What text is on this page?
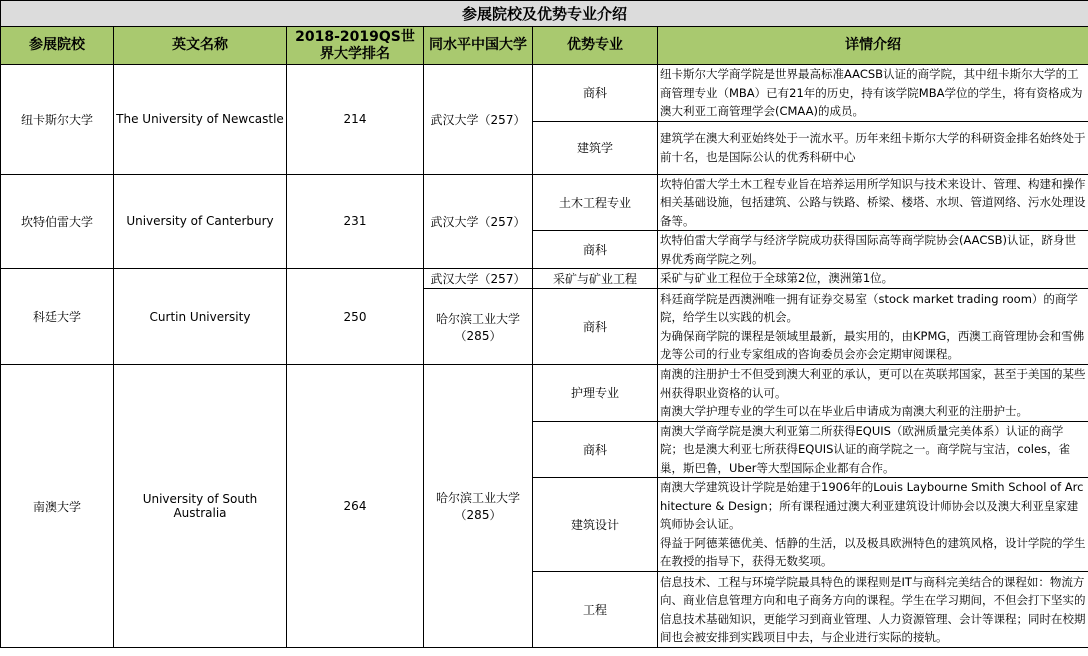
参展院校及优势专业介绍					
参展院校	英文名称	2018-2019QS世界大学排名	同水平中国大学	优势专业	详情介绍
纽卡斯尔大学	The University of Newcastle	214	武汉大学（257）	商科	纽卡斯尔大学商学院是世界最高标准AACSB认证的商学院，其中纽卡斯尔大学的工商管理专业（MBA）已有21年的历史，持有该学院MBA学位的学生，将有资格成为澳大利亚工商管理学会(CMAA)的成员。

				建筑学	建筑学在澳大利亚始终处于一流水平。历年来纽卡斯尔大学的科研资金排名始终处于前十名，也是国际公认的优秀科研中心

坎特伯雷大学	University of Canterbury	231	武汉大学（257）	土木工程专业	坎特伯雷大学土木工程专业旨在培养运用所学知识与技术来设计、管理、构建和操作相关基础设施，包括建筑、公路与铁路、桥梁、楼塔、水坝、管道网络、污水处理设备等。

				商科	坎特伯雷大学商学与经济学院成功获得国际高等商学院协会(AACSB)认证，跻身世界优秀商学院之列。

科廷大学	Curtin University	250	武汉大学（257）	采矿与矿业工程	采矿与矿业工程位于全球第2位，澳洲第1位。

			哈尔滨工业大学（285）	商科	科廷商学院是西澳洲唯一拥有证券交易室（stock market trading room）的商学院，给学生以实践的机会。
为确保商学院的课程是领域里最新，最实用的，由KPMG，西澳工商管理协会和雪佛龙等公司的行业专家组成的咨询委员会亦会定期审阅课程。

南澳大学	University of South Australia	264	哈尔滨工业大学（285）	护理专业	南澳的注册护士不但受到澳大利亚的承认，更可以在英联邦国家，甚至于美国的某些州获得职业资格的认可。
南澳大学护理专业的学生可以在毕业后申请成为南澳大利亚的注册护士。

				商科	南澳大学商学院是澳大利亚第二所获得EQUIS（欧洲质量完美体系）认证的商学院；也是澳大利亚七所获得EQUIS认证的商学院之一。商学院与宝洁，coles，雀巢，斯巴鲁，Uber等大型国际企业都有合作。

				建筑设计	南澳大学建筑设计学院是始建于1906年的Louis Laybourne Smith School of Architecture & Design；所有课程通过澳大利亚建筑设计师协会以及澳大利亚皇家建筑师协会认证。
得益于阿德莱德优美、恬静的生活，以及极具欧洲特色的建筑风格，设计学院的学生在教授的指导下，获得无数奖项。

				工程	信息技术、工程与环境学院最具特色的课程则是IT与商科完美结合的课程如：物流方向、商业信息管理方向和电子商务方向的课程。学生在学习期间，不但会打下坚实的信息技术基础知识，更能学习到商业管理、人力资源管理、会计等课程；同时在校期间也会被安排到实践项目中去，与企业进行实际的接轨。
